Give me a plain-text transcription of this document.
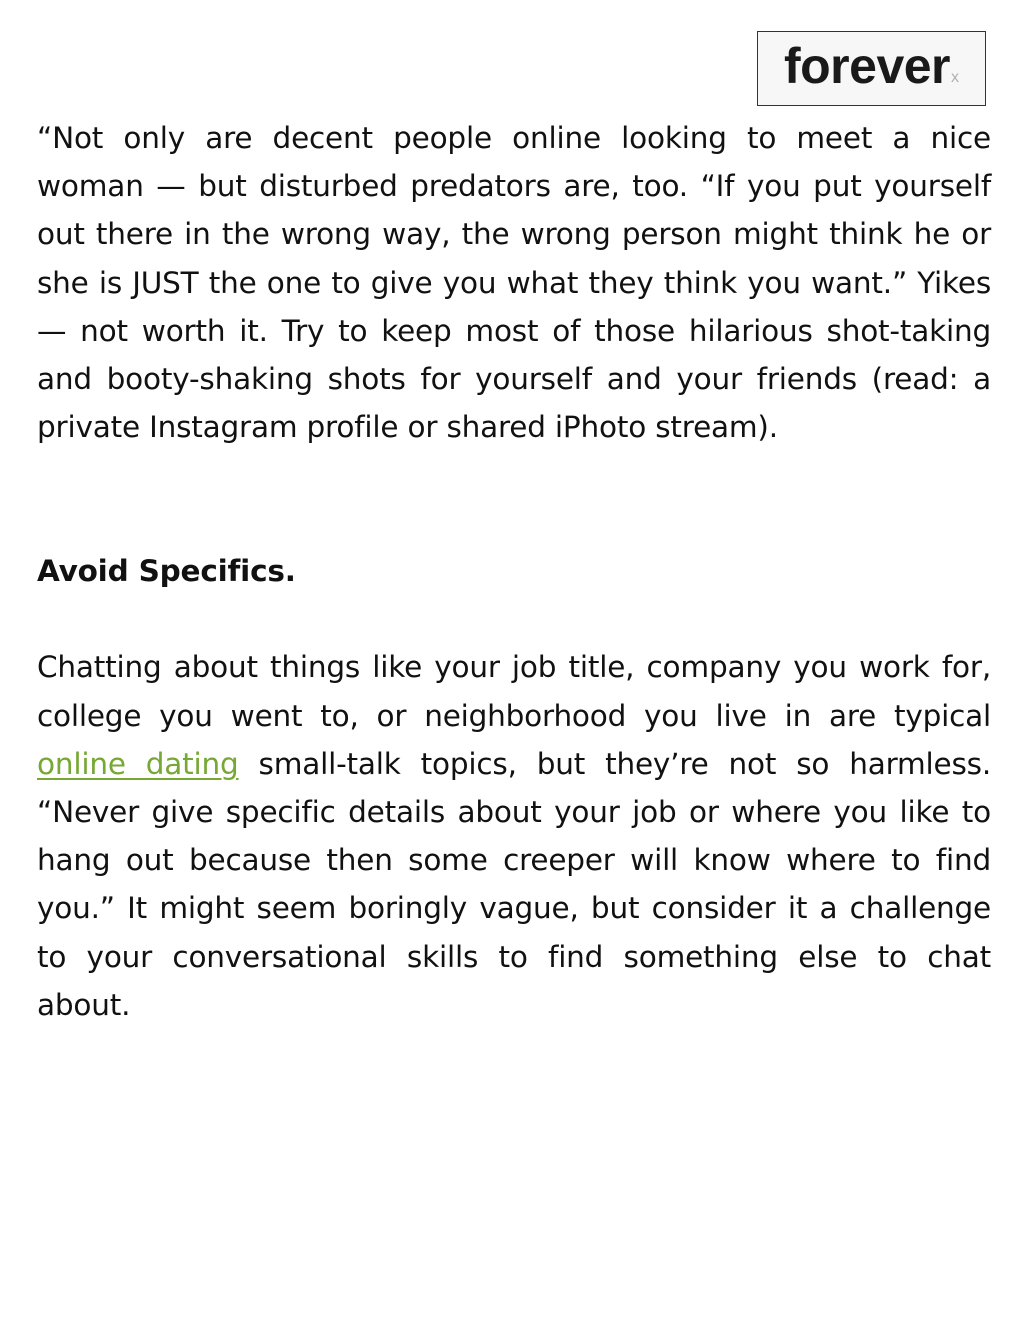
forever x

“Not only are decent people online looking to meet a nice woman — but disturbed predators are, too. “If you put yourself out there in the wrong way, the wrong person might think he or she is JUST the one to give you what they think you want.” Yikes — not worth it. Try to keep most of those hilarious shot-taking and booty-shaking shots for yourself and your friends (read: a private Instagram profile or shared iPhoto stream).

Avoid Specifics.

Chatting about things like your job title, company you work for, college you went to, or neighborhood you live in are typical online dating small-talk topics, but they’re not so harmless. “Never give specific details about your job or where you like to hang out because then some creeper will know where to find you.” It might seem boringly vague, but consider it a challenge to your conversational skills to find something else to chat about.
